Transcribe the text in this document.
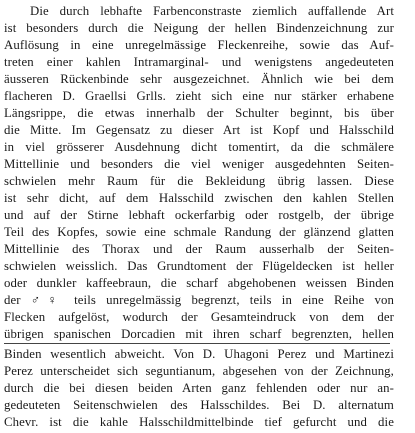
Die durch lebhafte Farbenconstraste ziemlich auffallende Art
ist besonders durch die Neigung der hellen Bindenzeichnung zur
Auflösung in eine unregelmässige Fleckenreihe, sowie das Auf-
treten einer kahlen Intramarginal- und wenigstens angedeuteten
äusseren Rückenbinde sehr ausgezeichnet. Ähnlich wie bei dem
flacheren D. Graellsi Grlls. zieht sich eine nur stärker erhabene
Längsrippe, die etwas innerhalb der Schulter beginnt, bis über
die Mitte. Im Gegensatz zu dieser Art ist Kopf und Halsschild
in viel grösserer Ausdehnung dicht tomentirt, da die schmälere
Mittellinie und besonders die viel weniger ausgedehnten Seiten-
schwielen mehr Raum für die Bekleidung übrig lassen. Diese
ist sehr dicht, auf dem Halsschild zwischen den kahlen Stellen
und auf der Stirne lebhaft ockerfarbig oder rostgelb, der übrige
Teil des Kopfes, sowie eine schmale Randung der glänzend glatten
Mittellinie des Thorax und der Raum ausserhalb der Seiten-
schwielen weisslich. Das Grundtoment der Flügeldecken ist heller
oder dunkler kaffeebraun, die scharf abgehobenen weissen Binden
der ♂♀ teils unregelmässig begrenzt, teils in eine Reihe von
Flecken aufgelöst, wodurch der Gesamteindruck von dem der
übrigen spanischen Dorcadien mit ihren scharf begrenzten, hellen
Binden wesentlich abweicht. Von D. Uhagoni Perez und Martinezi
Perez unterscheidet sich seguntianum, abgesehen von der Zeichnung,
durch die bei diesen beiden Arten ganz fehlenden oder nur an-
gedeuteten Seitenschwielen des Halsschildes. Bei D. alternatum
Chevr. ist die kahle Halsschildmittelbinde tief gefurcht und die
